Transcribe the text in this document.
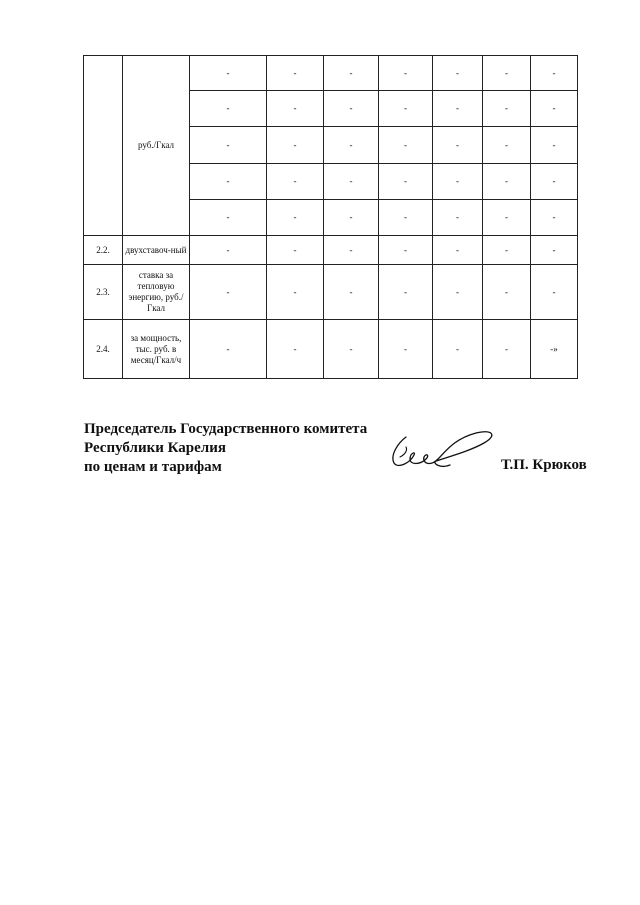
	руб./Гкал	-	-	-	-	-	-	-
		-	-	-	-	-	-	-
		-	-	-	-	-	-	-
		-	-	-	-	-	-	-
		-	-	-	-	-	-	-
2.2.	двухставоч-ный	-	-	-	-	-	-	-
2.3.	ставка за тепловую энергию, руб./Гкал	-	-	-	-	-	-	-
2.4.	за мощность, тыс. руб. в месяц/Гкал/ч	-	-	-	-	-	-	-»
Председатель Государственного комитета
Республики Карелия
по ценам и тарифам	Т.П. Крюков
